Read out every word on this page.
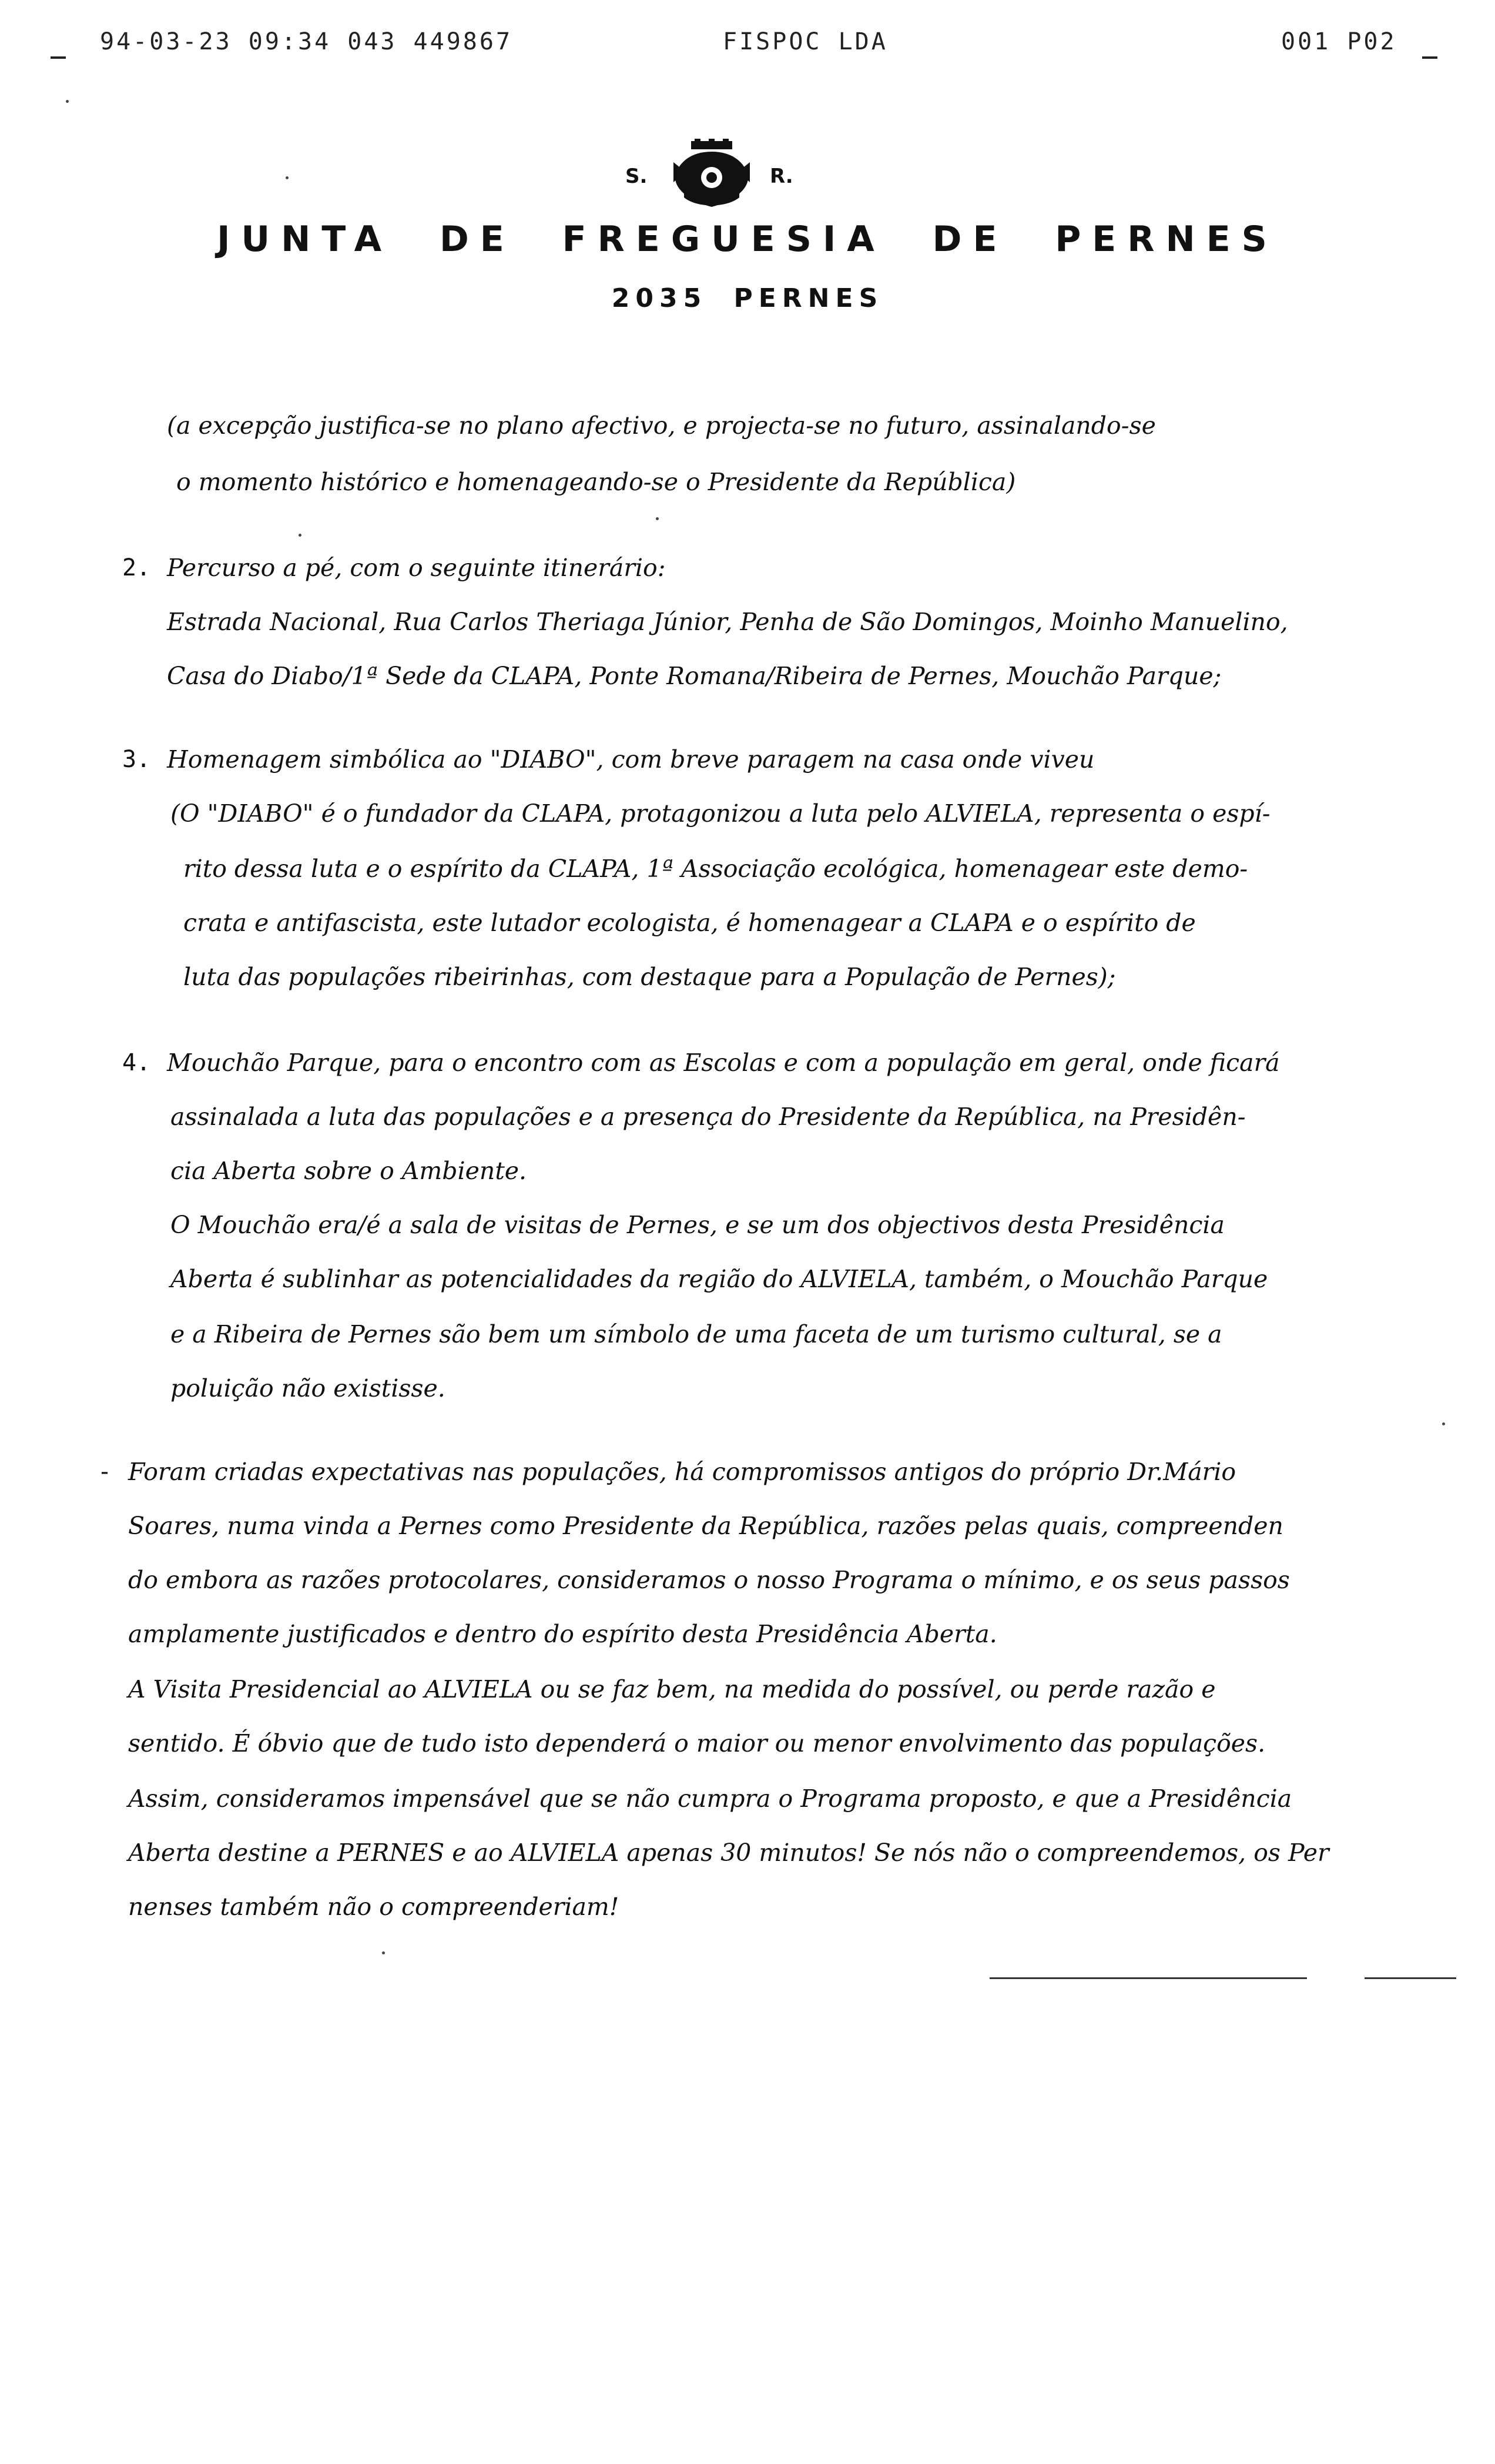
94-03-23 09:34 043 449867	FISPOC LDA	001 P02
S.	R.
JUNTA DE FREGUESIA DE PERNES
2035 PERNES
(a excepção justifica-se no plano afectivo, e projecta-se no futuro, assinalando-se
o momento histórico e homenageando-se o Presidente da República)
2. Percurso a pé, com o seguinte itinerário:
Estrada Nacional, Rua Carlos Theriaga Júnior, Penha de São Domingos, Moinho Manuelino,
Casa do Diabo/1ª Sede da CLAPA, Ponte Romana/Ribeira de Pernes, Mouchão Parque;
3. Homenagem simbólica ao "DIABO", com breve paragem na casa onde viveu
(O "DIABO" é o fundador da CLAPA, protagonizou a luta pelo ALVIELA, representa o espí-
rito dessa luta e o espírito da CLAPA, 1ª Associação ecológica, homenagear este demo-
crata e antifascista, este lutador ecologista, é homenagear a CLAPA e o espírito de
luta das populações ribeirinhas, com destaque para a População de Pernes);
4. Mouchão Parque, para o encontro com as Escolas e com a população em geral, onde ficará
assinalada a luta das populações e a presença do Presidente da República, na Presidên-
cia Aberta sobre o Ambiente.
O Mouchão era/é a sala de visitas de Pernes, e se um dos objectivos desta Presidência
Aberta é sublinhar as potencialidades da região do ALVIELA, também, o Mouchão Parque
e a Ribeira de Pernes são bem um símbolo de uma faceta de um turismo cultural, se a
poluição não existisse.
- Foram criadas expectativas nas populações, há compromissos antigos do próprio Dr.Mário
Soares, numa vinda a Pernes como Presidente da República, razões pelas quais, compreenden
do embora as razões protocolares, consideramos o nosso Programa o mínimo, e os seus passos
amplamente justificados e dentro do espírito desta Presidência Aberta.
A Visita Presidencial ao ALVIELA ou se faz bem, na medida do possível, ou perde razão e
sentido. É óbvio que de tudo isto dependerá o maior ou menor envolvimento das populações.
Assim, consideramos impensável que se não cumpra o Programa proposto, e que a Presidência
Aberta destine a PERNES e ao ALVIELA apenas 30 minutos! Se nós não o compreendemos, os Per
nenses também não o compreenderiam!
